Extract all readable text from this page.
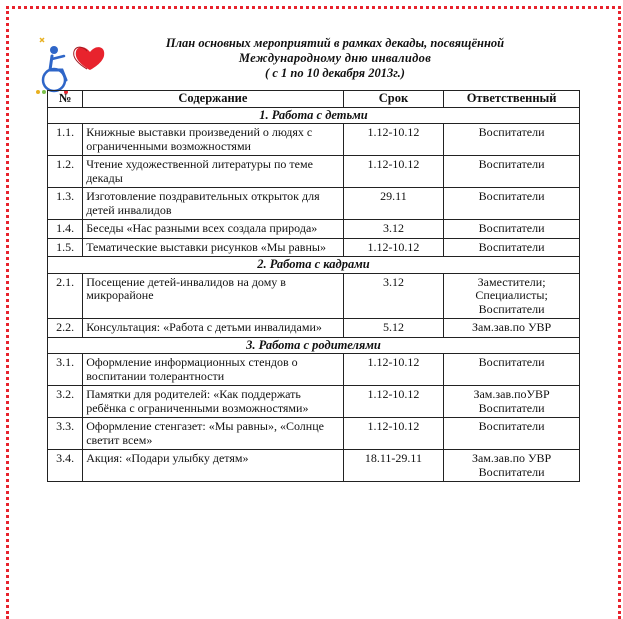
План основных мероприятий в рамках декады, посвящённой
Международному дню инвалидов
( с 1 по 10 декабря 2013г.)
№	Содержание	Срок	Ответственный
1. Работа с детьми			
1.1.	Книжные выставки произведений о людях с ограниченными возможностями	1.12-10.12	Воспитатели
1.2.	Чтение художественной литературы по теме декады	1.12-10.12	Воспитатели
1.3.	Изготовление поздравительных открыток для детей инвалидов	29.11	Воспитатели
1.4.	Беседы «Нас разными всех создала природа»	3.12	Воспитатели
1.5.	Тематические выставки рисунков «Мы равны»	1.12-10.12	Воспитатели
2. Работа с кадрами			
2.1.	Посещение детей-инвалидов на дому в микрорайоне	3.12	Заместители; Специалисты; Воспитатели
2.2.	Консультация: «Работа с детьми инвалидами»	5.12	Зам.зав.по УВР
3. Работа с родителями			
3.1.	Оформление информационных стендов о воспитании толерантности	1.12-10.12	Воспитатели
3.2.	Памятки для родителей: «Как поддержать ребёнка с ограниченными возможностями»	1.12-10.12	Зам.зав.поУВР Воспитатели
3.3.	Оформление стенгазет: «Мы равны», «Солнце светит всем»	1.12-10.12	Воспитатели
3.4.	Акция: «Подари улыбку детям»	18.11-29.11	Зам.зав.по УВР Воспитатели
